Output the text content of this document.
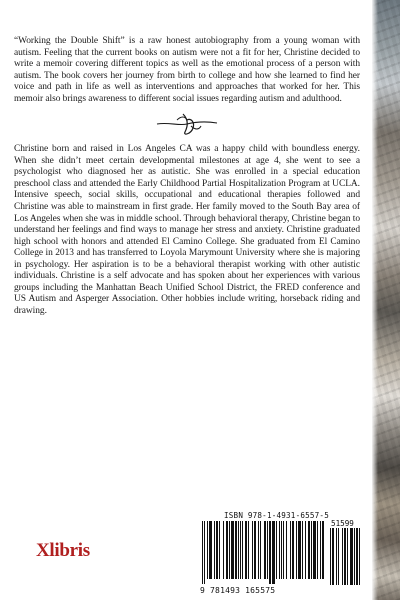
“Working the Double Shift” is a raw honest autobiography from a young woman with autism. Feeling that the current books on autism were not a fit for her, Christine decided to write a memoir covering different topics as well as the emotional process of a person with autism. The book covers her journey from birth to college and how she learned to find her voice and path in life as well as interventions and approaches that worked for her. This memoir also brings awareness to different social issues regarding autism and adulthood.

Christine born and raised in Los Angeles CA was a happy child with boundless energy. When she didn’t meet certain developmental milestones at age 4, she went to see a psychologist who diagnosed her as autistic. She was enrolled in a special education preschool class and attended the Early Childhood Partial Hospitalization Program at UCLA. Intensive speech, social skills, occupational and educational therapies followed and Christine was able to mainstream in first grade. Her family moved to the South Bay area of Los Angeles when she was in middle school. Through behavioral therapy, Christine began to understand her feelings and find ways to manage her stress and anxiety. Christine graduated high school with honors and attended El Camino College. She graduated from El Camino College in 2013 and has transferred to Loyola Marymount University where she is majoring in psychology. Her aspiration is to be a behavioral therapist working with other autistic individuals. Christine is a self advocate and has spoken about her experiences with various groups including the Manhattan Beach Unified School District, the FRED conference and US Autism and Asperger Association. Other hobbies include writing, horseback riding and drawing.

Xlibris
ISBN 978-1-4931-6557-5
51599
9 781493 165575
